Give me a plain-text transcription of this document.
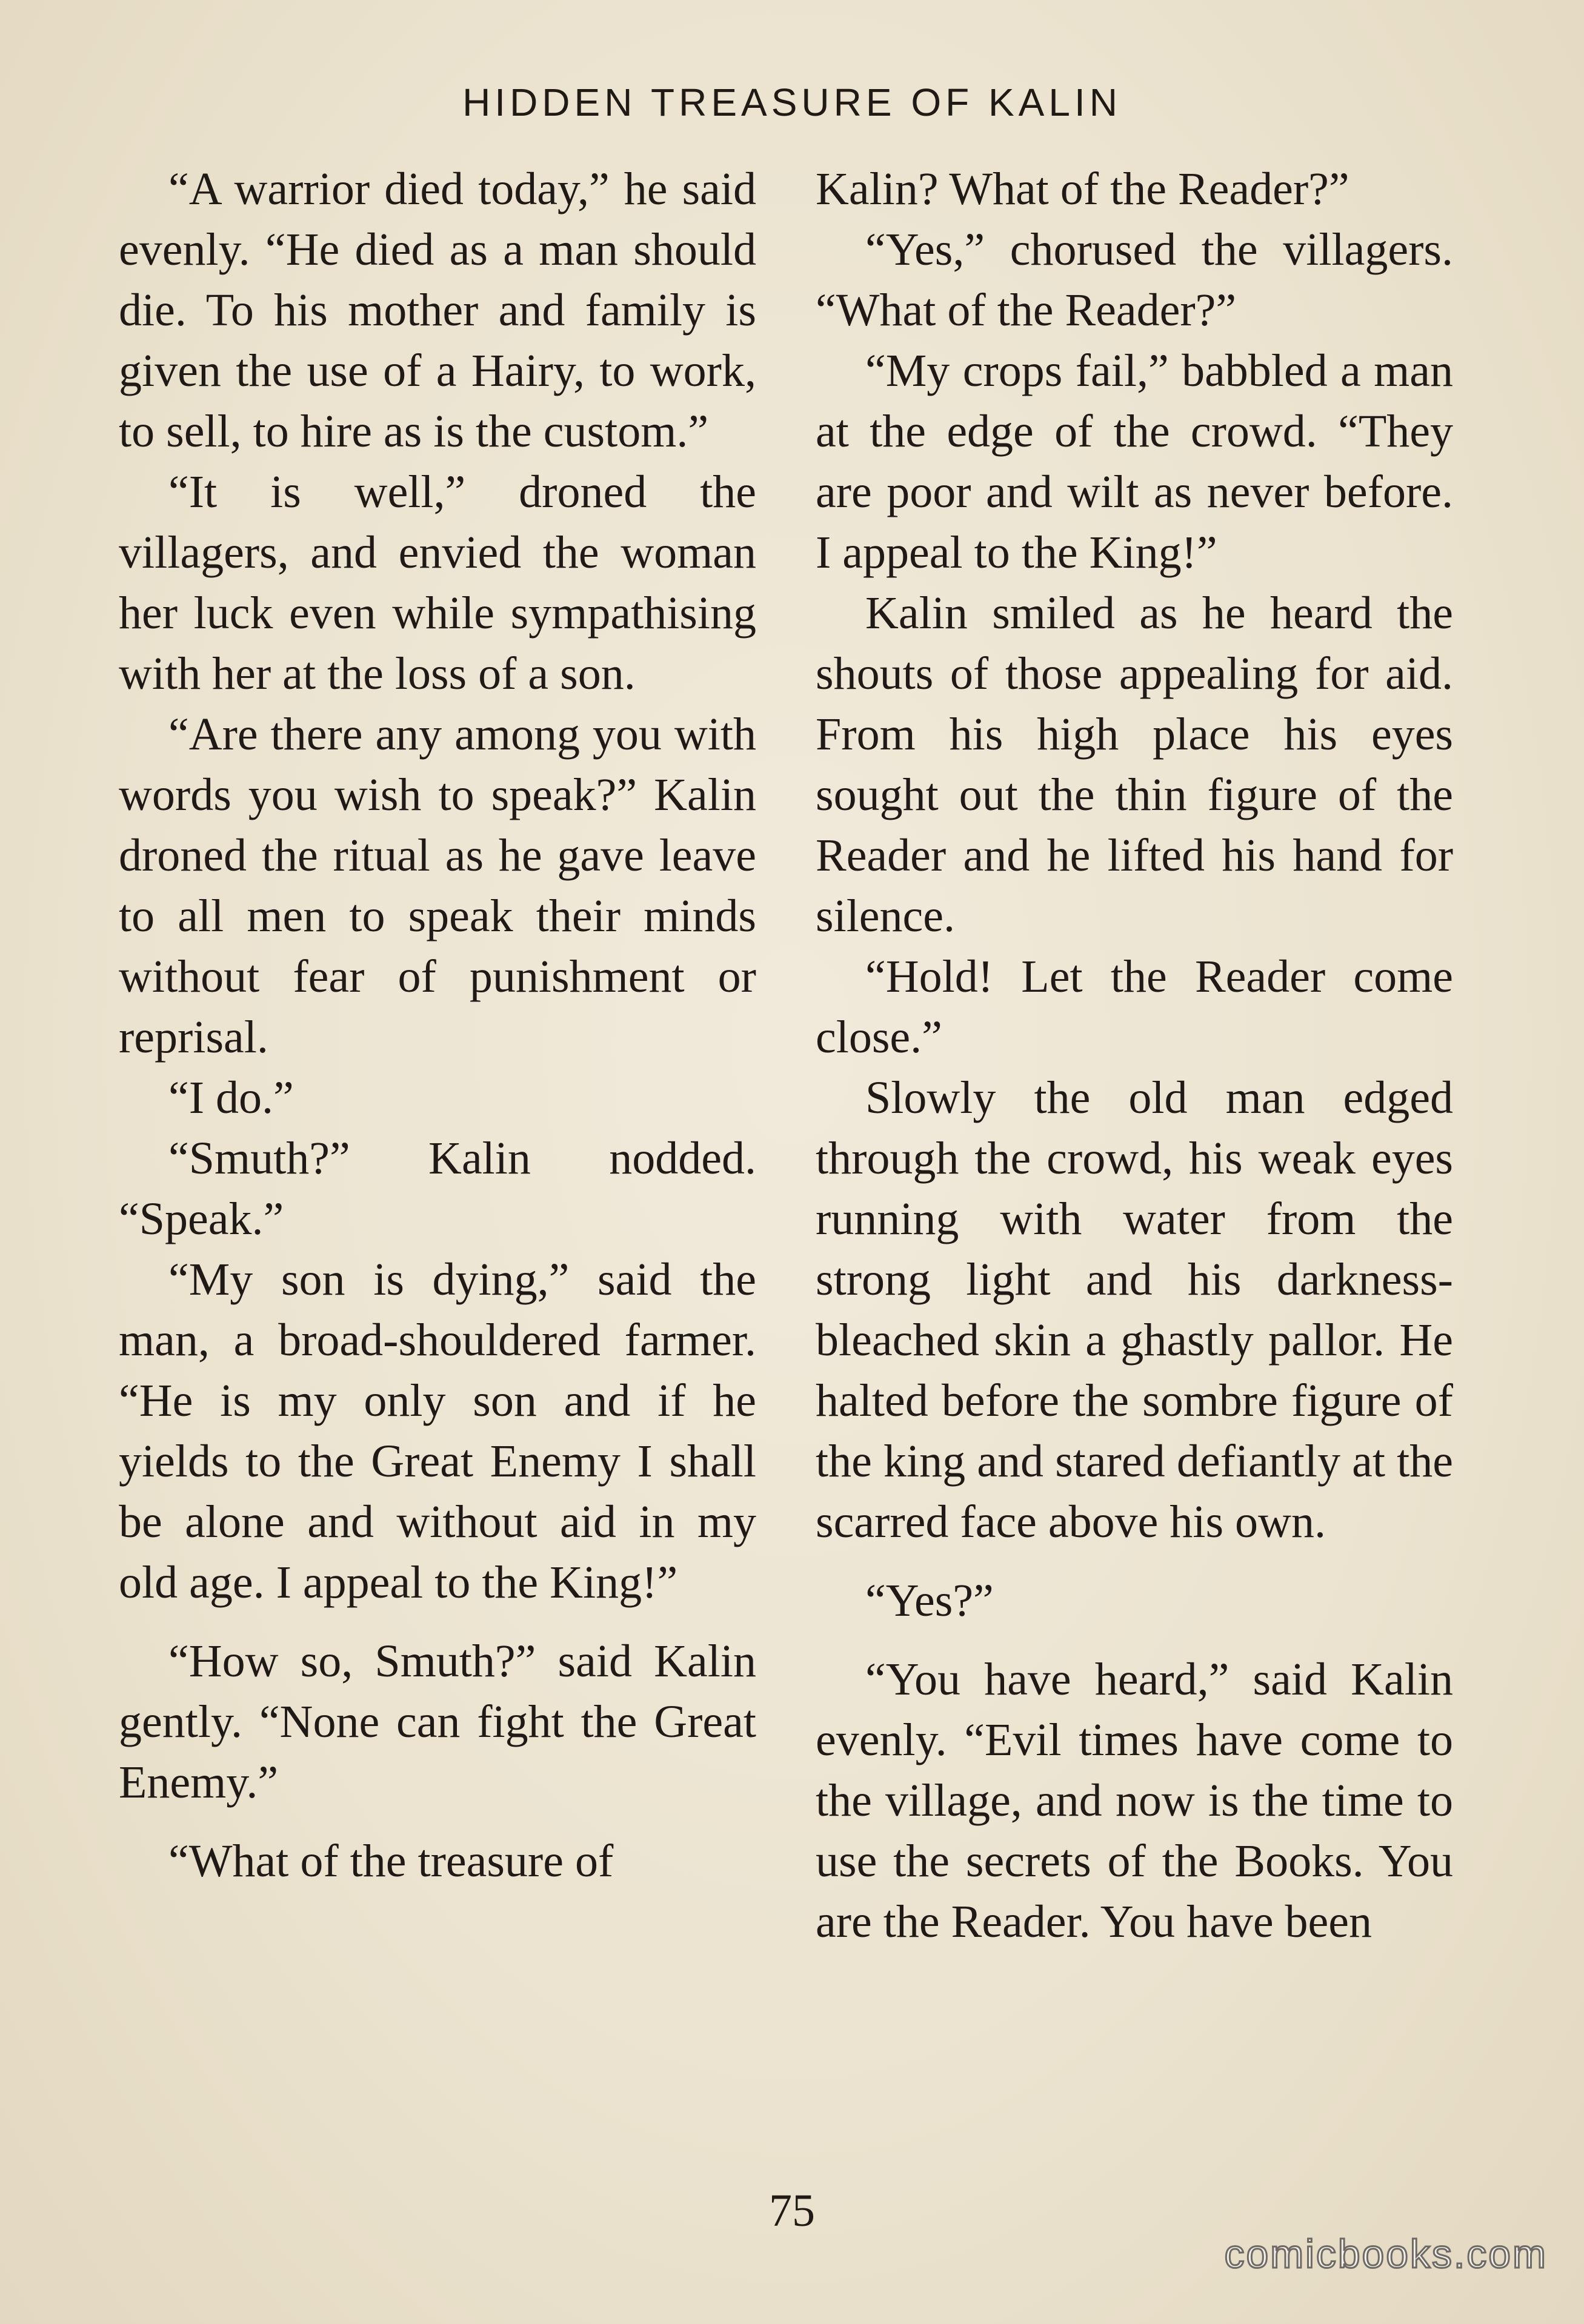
HIDDEN TREASURE OF KALIN

“A warrior died today,” he said evenly. “He died as a man should die. To his mother and family is given the use of a Hairy, to work, to sell, to hire as is the custom.”

“It is well,” droned the villagers, and envied the woman her luck even while sympathising with her at the loss of a son.

“Are there any among you with words you wish to speak?” Kalin droned the ritual as he gave leave to all men to speak their minds without fear of punishment or reprisal.

“I do.”

“Smuth?” Kalin nodded. “Speak.”

“My son is dying,” said the man, a broad-shouldered farmer. “He is my only son and if he yields to the Great Enemy I shall be alone and without aid in my old age. I appeal to the King!”

“How so, Smuth?” said Kalin gently. “None can fight the Great Enemy.”

“What of the treasure of

Kalin? What of the Reader?”

“Yes,” chorused the villagers. “What of the Reader?”

“My crops fail,” babbled a man at the edge of the crowd. “They are poor and wilt as never before. I appeal to the King!”

Kalin smiled as he heard the shouts of those appealing for aid. From his high place his eyes sought out the thin figure of the Reader and he lifted his hand for silence.

“Hold! Let the Reader come close.”

Slowly the old man edged through the crowd, his weak eyes running with water from the strong light and his darkness-bleached skin a ghastly pallor. He halted before the sombre figure of the king and stared defiantly at the scarred face above his own.

“Yes?”

“You have heard,” said Kalin evenly. “Evil times have come to the village, and now is the time to use the secrets of the Books. You are the Reader. You have been

75
comicbooks.com
